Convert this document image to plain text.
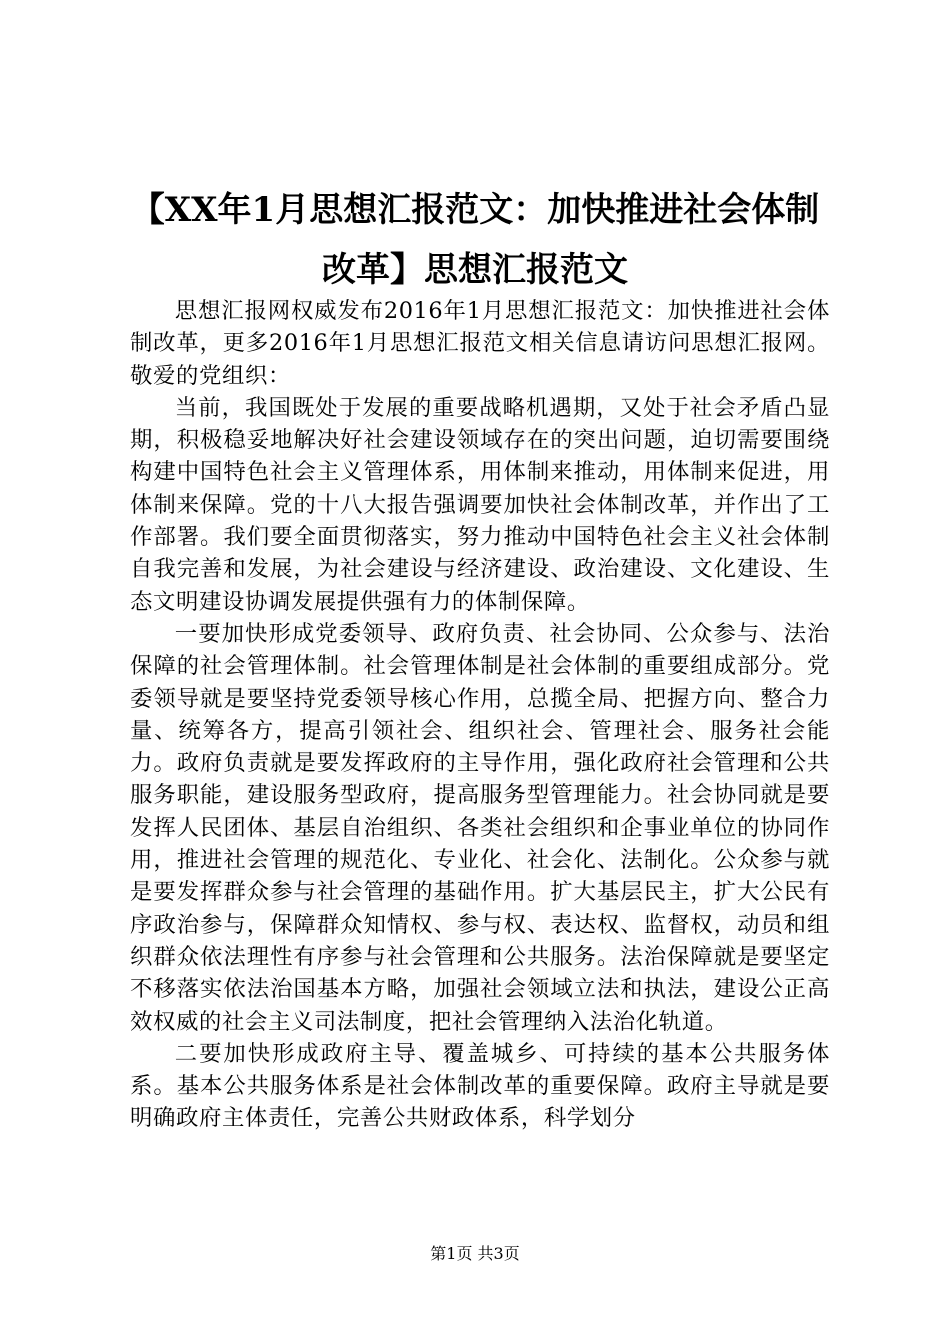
【XX年1月思想汇报范文：加快推进社会体制改革】思想汇报范文

思想汇报网权威发布2016年1月思想汇报范文：加快推进社会体制改革，更多2016年1月思想汇报范文相关信息请访问思想汇报网。敬爱的党组织：

当前，我国既处于发展的重要战略机遇期，又处于社会矛盾凸显期，积极稳妥地解决好社会建设领域存在的突出问题，迫切需要围绕构建中国特色社会主义管理体系，用体制来推动，用体制来促进，用体制来保障。党的十八大报告强调要加快社会体制改革，并作出了工作部署。我们要全面贯彻落实，努力推动中国特色社会主义社会体制自我完善和发展，为社会建设与经济建设、政治建设、文化建设、生态文明建设协调发展提供强有力的体制保障。

一要加快形成党委领导、政府负责、社会协同、公众参与、法治保障的社会管理体制。社会管理体制是社会体制的重要组成部分。党委领导就是要坚持党委领导核心作用，总揽全局、把握方向、整合力量、统筹各方，提高引领社会、组织社会、管理社会、服务社会能力。政府负责就是要发挥政府的主导作用，强化政府社会管理和公共服务职能，建设服务型政府，提高服务型管理能力。社会协同就是要发挥人民团体、基层自治组织、各类社会组织和企事业单位的协同作用，推进社会管理的规范化、专业化、社会化、法制化。公众参与就是要发挥群众参与社会管理的基础作用。扩大基层民主，扩大公民有序政治参与，保障群众知情权、参与权、表达权、监督权，动员和组织群众依法理性有序参与社会管理和公共服务。法治保障就是要坚定不移落实依法治国基本方略，加强社会领域立法和执法，建设公正高效权威的社会主义司法制度，把社会管理纳入法治化轨道。

二要加快形成政府主导、覆盖城乡、可持续的基本公共服务体系。基本公共服务体系是社会体制改革的重要保障。政府主导就是要明确政府主体责任，完善公共财政体系，科学划分

第1页 共3页
